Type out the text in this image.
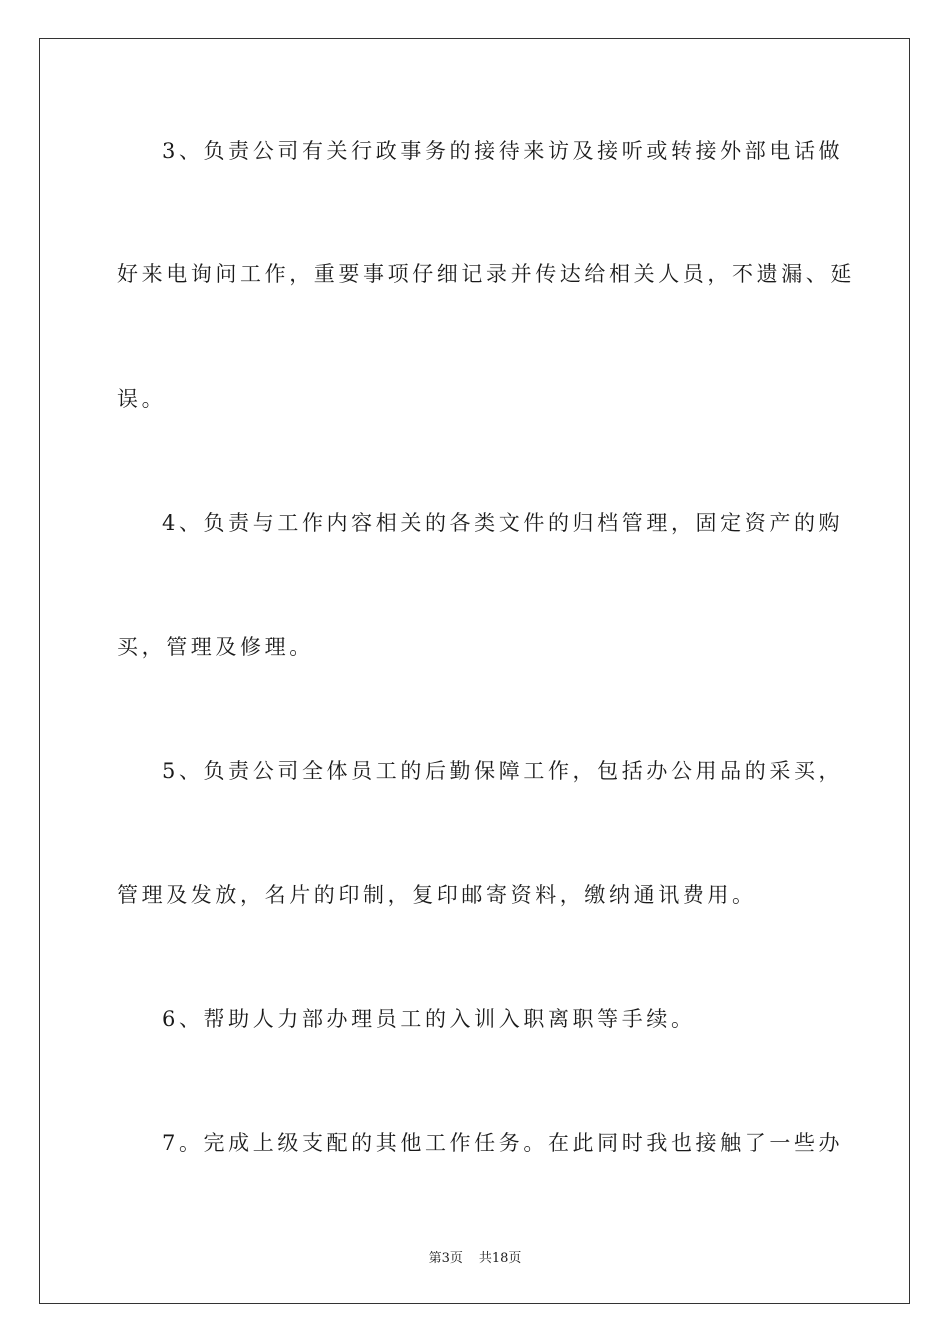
3、负责公司有关行政事务的接待来访及接听或转接外部电话做
好来电询问工作，重要事项仔细记录并传达给相关人员，不遗漏、延
误。
4、负责与工作内容相关的各类文件的归档管理，固定资产的购
买，管理及修理。
5、负责公司全体员工的后勤保障工作，包括办公用品的采买，
管理及发放，名片的印制，复印邮寄资料，缴纳通讯费用。
6、帮助人力部办理员工的入训入职离职等手续。
7。完成上级支配的其他工作任务。在此同时我也接触了一些办
第3页 共18页
